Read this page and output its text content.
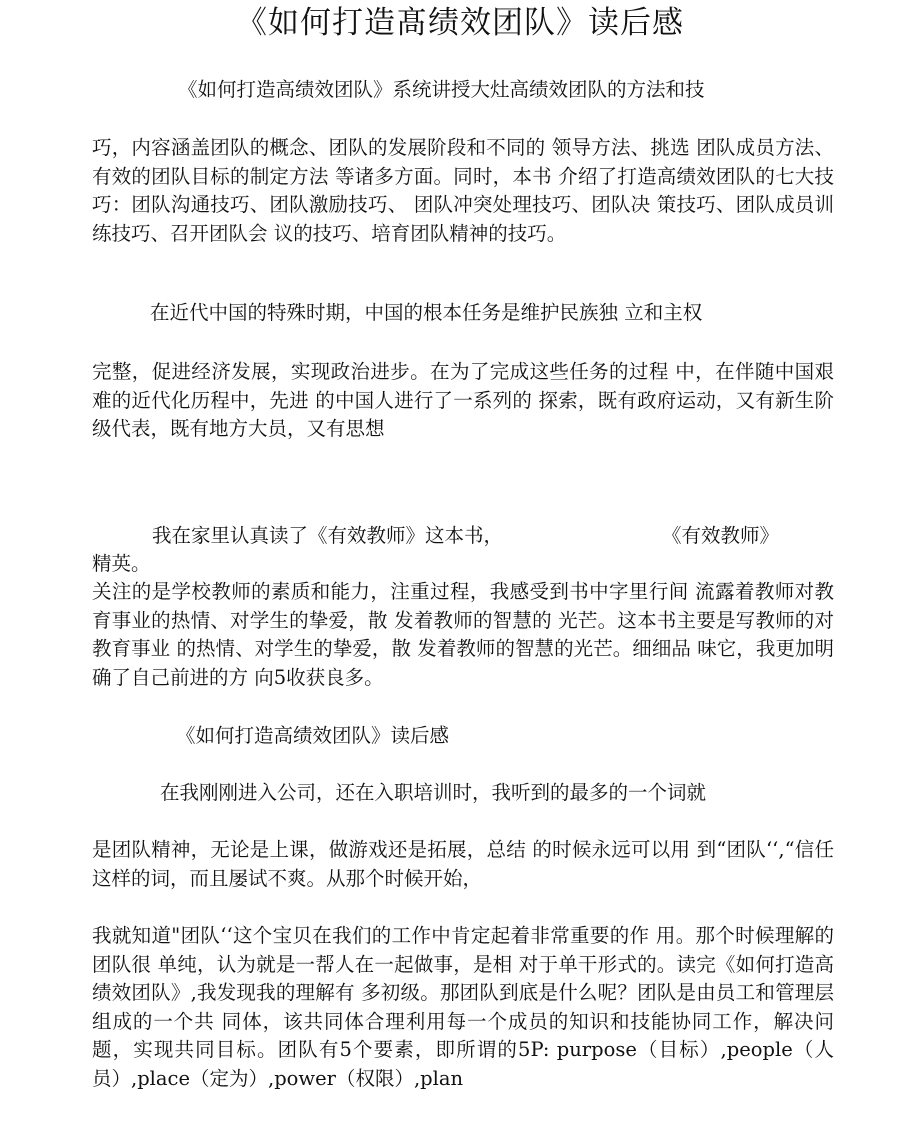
《如何打造髙绩效团队》读后感
《如何打造高绩效团队》系统讲授大灶高绩效团队的方法和技

巧，内容涵盖团队的概念、团队的发展阶段和不同的 领导方法、挑选 团队成员方法、有效的团队目标的制定方法 等诸多方面。同时，本书 介绍了打造高绩效团队的七大技巧：团队沟通技巧、团队激励技巧、 团队冲突处理技巧、团队决 策技巧、团队成员训练技巧、召开团队会 议的技巧、培育团队精神的技巧。

在近代中国的特殊时期，中国的根本任务是维护民族独 立和主权

完整，促进经济发展，实现政治进步。在为了完成这些任务的过程 中，在伴随中国艰难的近代化历程中，先进 的中国人进行了一系列的 探索，既有政府运动，又有新生阶级代表，既有地方大员，又有思想

我在家里认真读了《有效教师》这本书，	《有效教师》
精英。

关注的是学校教师的素质和能力，注重过程，我感受到书中字里行间 流露着教师对教育事业的热情、对学生的挚爱，散 发着教师的智慧的 光芒。这本书主要是写教师的对教育事业 的热情、对学生的挚爱，散 发着教师的智慧的光芒。细细品 味它，我更加明确了自己前进的方 向5收获良多。

《如何打造高绩效团队》读后感
在我刚刚进入公司，还在入职培训时，我听到的最多的一个词就

是团队精神，无论是上课，做游戏还是拓展，总结 的时候永远可以用 到“团队‘‘,“信任这样的词，而且屡试不爽。从那个时候开始，

我就知道"团队‘‘这个宝贝在我们的工作中肯定起着非常重要的作 用。那个时候理解的团队很 单纯，认为就是一帮人在一起做事，是相 对于单干形式的。读完《如何打造高绩效团队》,我发现我的理解有 多初级。那团队到底是什么呢？团队是由员工和管理层组成的一个共 同体，该共同体合理利用每一个成员的知识和技能协同工作，解决问 题，实现共同目标。团队有5个要素，即所谓的5P: purpose（目标）,people（人员）,place（定为）,power（权限）,plan
